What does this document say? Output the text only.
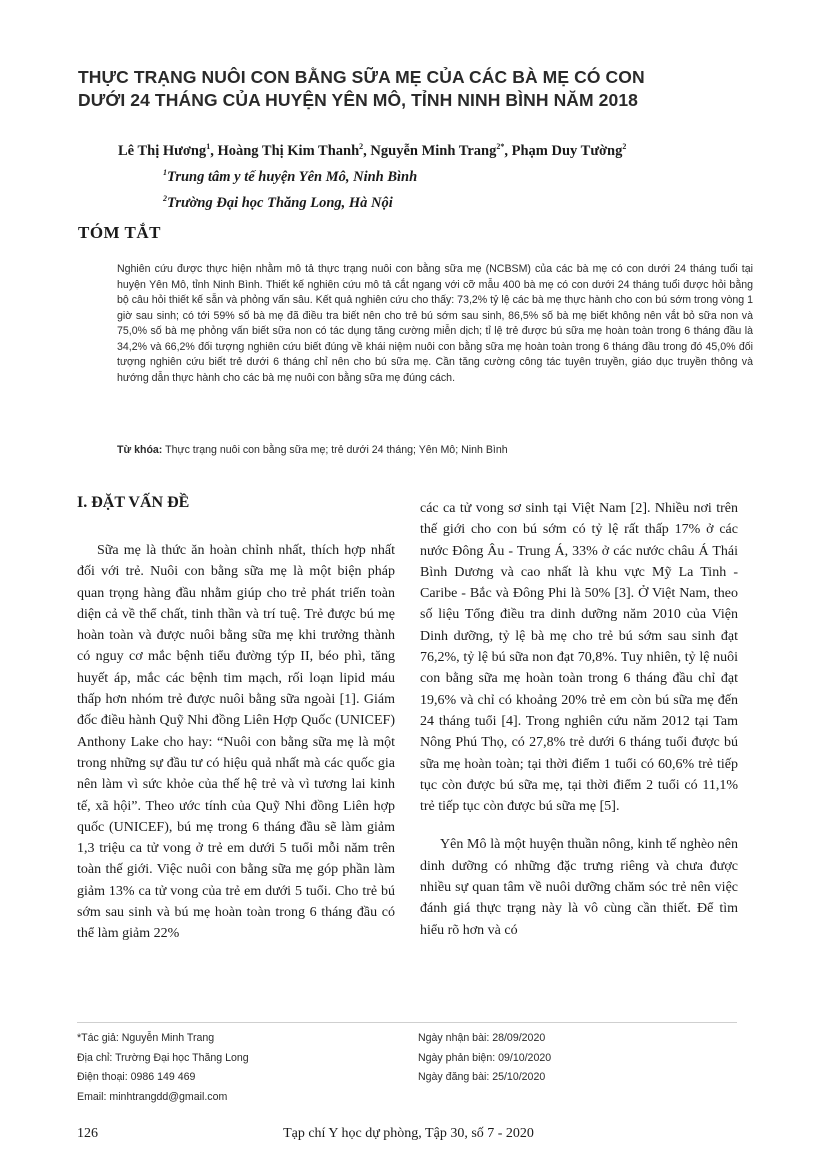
THỰC TRẠNG NUÔI CON BẰNG SỮA MẸ CỦA CÁC BÀ MẸ CÓ CON
DƯỚI 24 THÁNG CỦA HUYỆN YÊN MÔ, TỈNH NINH BÌNH NĂM 2018
Lê Thị Hương$^1$, Hoàng Thị Kim Thanh$^2$, Nguyễn Minh Trang$^{2*}$, Phạm Duy Tường$^2$
$^1$Trung tâm y tế huyện Yên Mô, Ninh Bình
$^2$Trường Đại học Thăng Long, Hà Nội
TÓM TẮT

Nghiên cứu được thực hiện nhằm mô tả thực trạng nuôi con bằng sữa mẹ (NCBSM) của các bà mẹ có con dưới 24 tháng tuổi tại huyện Yên Mô, tỉnh Ninh Bình. Thiết kế nghiên cứu mô tả cắt ngang với cỡ mẫu 400 bà mẹ có con dưới 24 tháng tuổi được hỏi bằng bộ câu hỏi thiết kế sẵn và phỏng vấn sâu. Kết quả nghiên cứu cho thấy: 73,2% tỷ lệ các bà mẹ thực hành cho con bú sớm trong vòng 1 giờ sau sinh; có tới 59% số bà mẹ đã điều tra biết nên cho trẻ bú sớm sau sinh, 86,5% số bà mẹ biết không nên vắt bỏ sữa non và 75,0% số bà mẹ phỏng vấn biết sữa non có tác dụng tăng cường miễn dịch; tỉ lệ trẻ được bú sữa mẹ hoàn toàn trong 6 tháng đầu là 34,2% và 66,2% đối tượng nghiên cứu biết đúng về khái niệm nuôi con bằng sữa mẹ hoàn toàn trong 6 tháng đầu trong đó 45,0% đối tượng nghiên cứu biết trẻ dưới 6 tháng chỉ nên cho bú sữa mẹ. Cần tăng cường công tác tuyên truyền, giáo dục truyền thông và hướng dẫn thực hành cho các bà mẹ nuôi con bằng sữa mẹ đúng cách.

Từ khóa: Thực trạng nuôi con bằng sữa mẹ; trẻ dưới 24 tháng; Yên Mô; Ninh Bình
I. ĐẶT VẤN ĐỀ

Sữa mẹ là thức ăn hoàn chỉnh nhất, thích hợp nhất đối với trẻ. Nuôi con bằng sữa mẹ là một biện pháp quan trọng hàng đầu nhằm giúp cho trẻ phát triển toàn diện cả về thể chất, tinh thần và trí tuệ. Trẻ được bú mẹ hoàn toàn và được nuôi bằng sữa mẹ khi trưởng thành có nguy cơ mắc bệnh tiểu đường týp II, béo phì, tăng huyết áp, mắc các bệnh tim mạch, rối loạn lipid máu thấp hơn nhóm trẻ được nuôi bằng sữa ngoài [1]. Giám đốc điều hành Quỹ Nhi đồng Liên Hợp Quốc (UNICEF) Anthony Lake cho hay: “Nuôi con bằng sữa mẹ là một trong những sự đầu tư có hiệu quả nhất mà các quốc gia nên làm vì sức khỏe của thế hệ trẻ và vì tương lai kinh tế, xã hội”. Theo ước tính của Quỹ Nhi đồng Liên hợp quốc (UNICEF), bú mẹ trong 6 tháng đầu sẽ làm giảm 1,3 triệu ca tử vong ở trẻ em dưới 5 tuổi mỗi năm trên toàn thế giới. Việc nuôi con bằng sữa mẹ góp phần làm giảm 13% ca tử vong của trẻ em dưới 5 tuổi. Cho trẻ bú sớm sau sinh và bú mẹ hoàn toàn trong 6 tháng đầu có thể làm giảm 22%

các ca tử vong sơ sinh tại Việt Nam [2]. Nhiều nơi trên thế giới cho con bú sớm có tỷ lệ rất thấp 17% ở các nước Đông Âu - Trung Á, 33% ở các nước châu Á Thái Bình Dương và cao nhất là khu vực Mỹ La Tinh - Caribe - Bắc và Đông Phi là 50% [3]. Ở Việt Nam, theo số liệu Tổng điều tra dinh dưỡng năm 2010 của Viện Dinh dưỡng, tỷ lệ bà mẹ cho trẻ bú sớm sau sinh đạt 76,2%, tỷ lệ bú sữa non đạt 70,8%. Tuy nhiên, tỷ lệ nuôi con bằng sữa mẹ hoàn toàn trong 6 tháng đầu chỉ đạt 19,6% và chỉ có khoảng 20% trẻ em còn bú sữa mẹ đến 24 tháng tuổi [4]. Trong nghiên cứu năm 2012 tại Tam Nông Phú Thọ, có 27,8% trẻ dưới 6 tháng tuổi được bú sữa mẹ hoàn toàn; tại thời điểm 1 tuổi có 60,6% trẻ tiếp tục còn được bú sữa mẹ, tại thời điểm 2 tuổi có 11,1% trẻ tiếp tục còn được bú sữa mẹ [5].

Yên Mô là một huyện thuần nông, kinh tế nghèo nên dinh dưỡng có những đặc trưng riêng và chưa được nhiều sự quan tâm về nuôi dưỡng chăm sóc trẻ nên việc đánh giá thực trạng này là vô cùng cần thiết. Để tìm hiểu rõ hơn và có

*Tác giả: Nguyễn Minh Trang
Địa chỉ: Trường Đại học Thăng Long
Điện thoại: 0986 149 469
Email: minhtrangdd@gmail.com
Ngày nhận bài: 28/09/2020
Ngày phản biện: 09/10/2020
Ngày đăng bài: 25/10/2020
126	Tạp chí Y học dự phòng, Tập 30, số 7 - 2020
